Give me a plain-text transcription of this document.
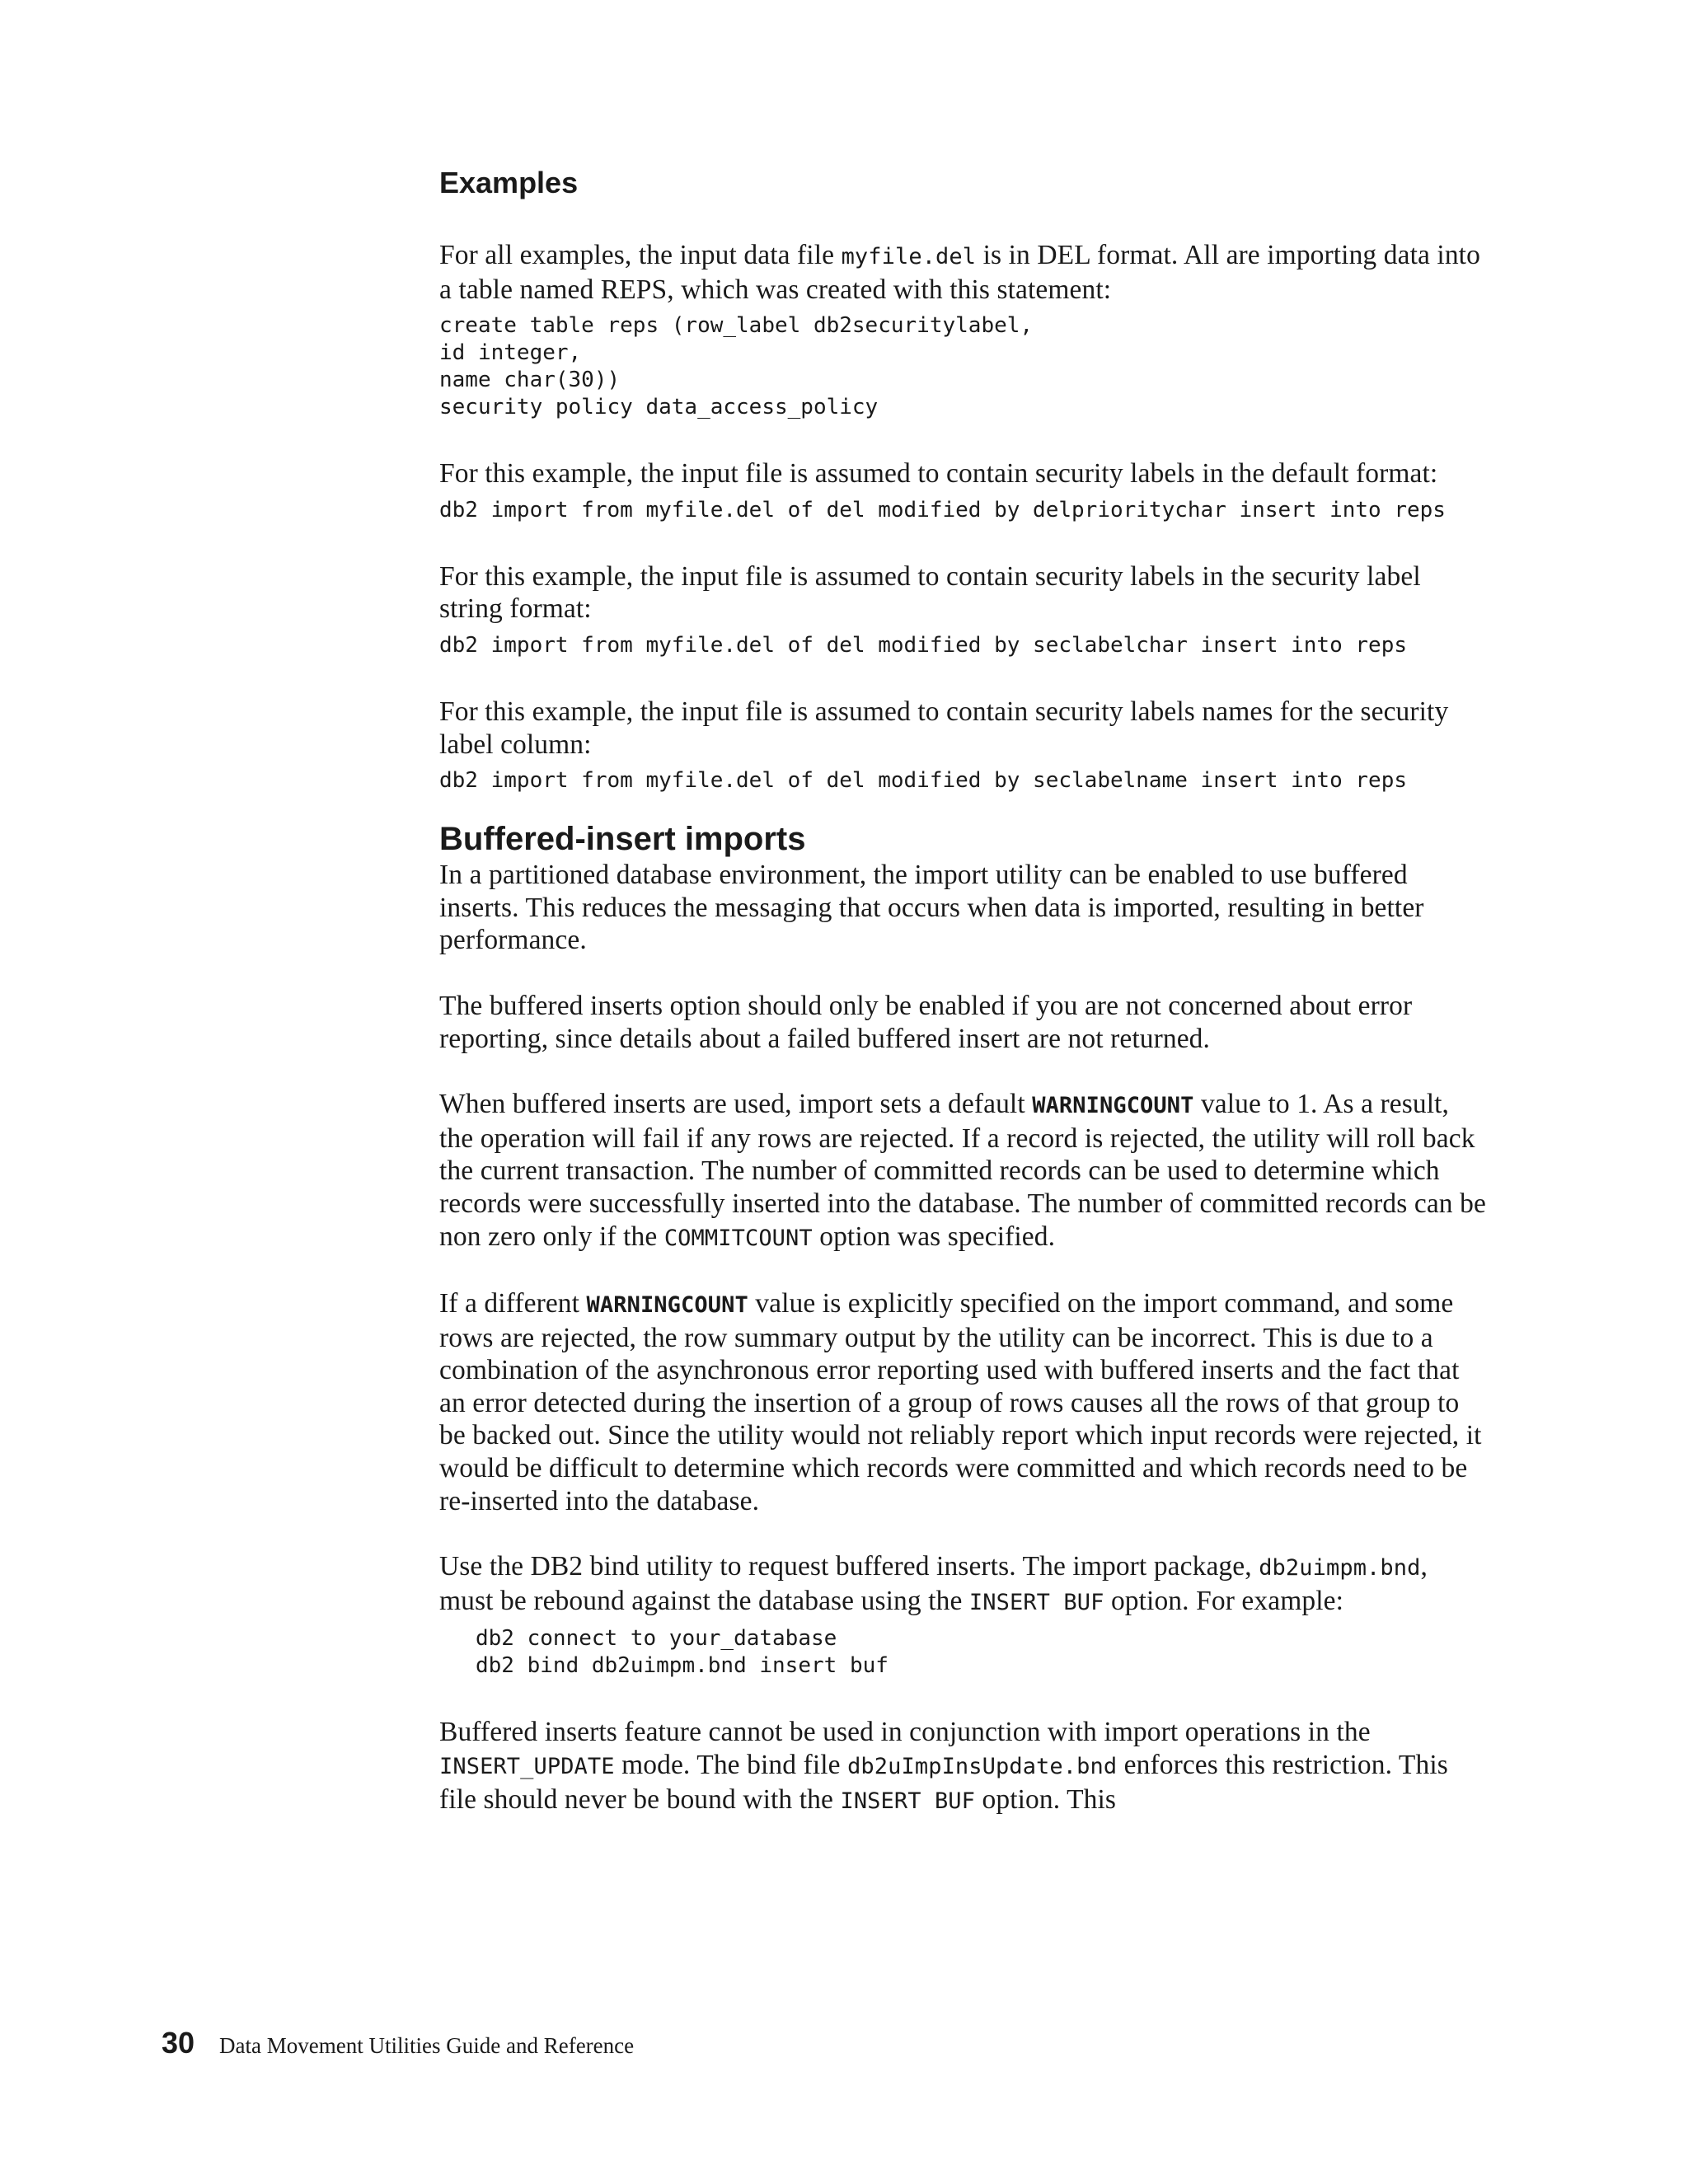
Examples

For all examples, the input data file myfile.del is in DEL format. All are importing data into a table named REPS, which was created with this statement:

create table reps (row_label db2securitylabel,
id integer,
name char(30))
security policy data_access_policy

For this example, the input file is assumed to contain security labels in the default format:

db2 import from myfile.del of del modified by delprioritychar insert into reps

For this example, the input file is assumed to contain security labels in the security label string format:

db2 import from myfile.del of del modified by seclabelchar insert into reps

For this example, the input file is assumed to contain security labels names for the security label column:

db2 import from myfile.del of del modified by seclabelname insert into reps
Buffered-insert imports

In a partitioned database environment, the import utility can be enabled to use buffered inserts. This reduces the messaging that occurs when data is imported, resulting in better performance.

The buffered inserts option should only be enabled if you are not concerned about error reporting, since details about a failed buffered insert are not returned.

When buffered inserts are used, import sets a default WARNINGCOUNT value to 1. As a result, the operation will fail if any rows are rejected. If a record is rejected, the utility will roll back the current transaction. The number of committed records can be used to determine which records were successfully inserted into the database. The number of committed records can be non zero only if the COMMITCOUNT option was specified.

If a different WARNINGCOUNT value is explicitly specified on the import command, and some rows are rejected, the row summary output by the utility can be incorrect. This is due to a combination of the asynchronous error reporting used with buffered inserts and the fact that an error detected during the insertion of a group of rows causes all the rows of that group to be backed out. Since the utility would not reliably report which input records were rejected, it would be difficult to determine which records were committed and which records need to be re-inserted into the database.

Use the DB2 bind utility to request buffered inserts. The import package, db2uimpm.bnd, must be rebound against the database using the INSERT BUF option. For example:

db2 connect to your_database
db2 bind db2uimpm.bnd insert buf

Buffered inserts feature cannot be used in conjunction with import operations in the INSERT_UPDATE mode. The bind file db2uImpInsUpdate.bnd enforces this restriction. This file should never be bound with the INSERT BUF option. This

30 Data Movement Utilities Guide and Reference
